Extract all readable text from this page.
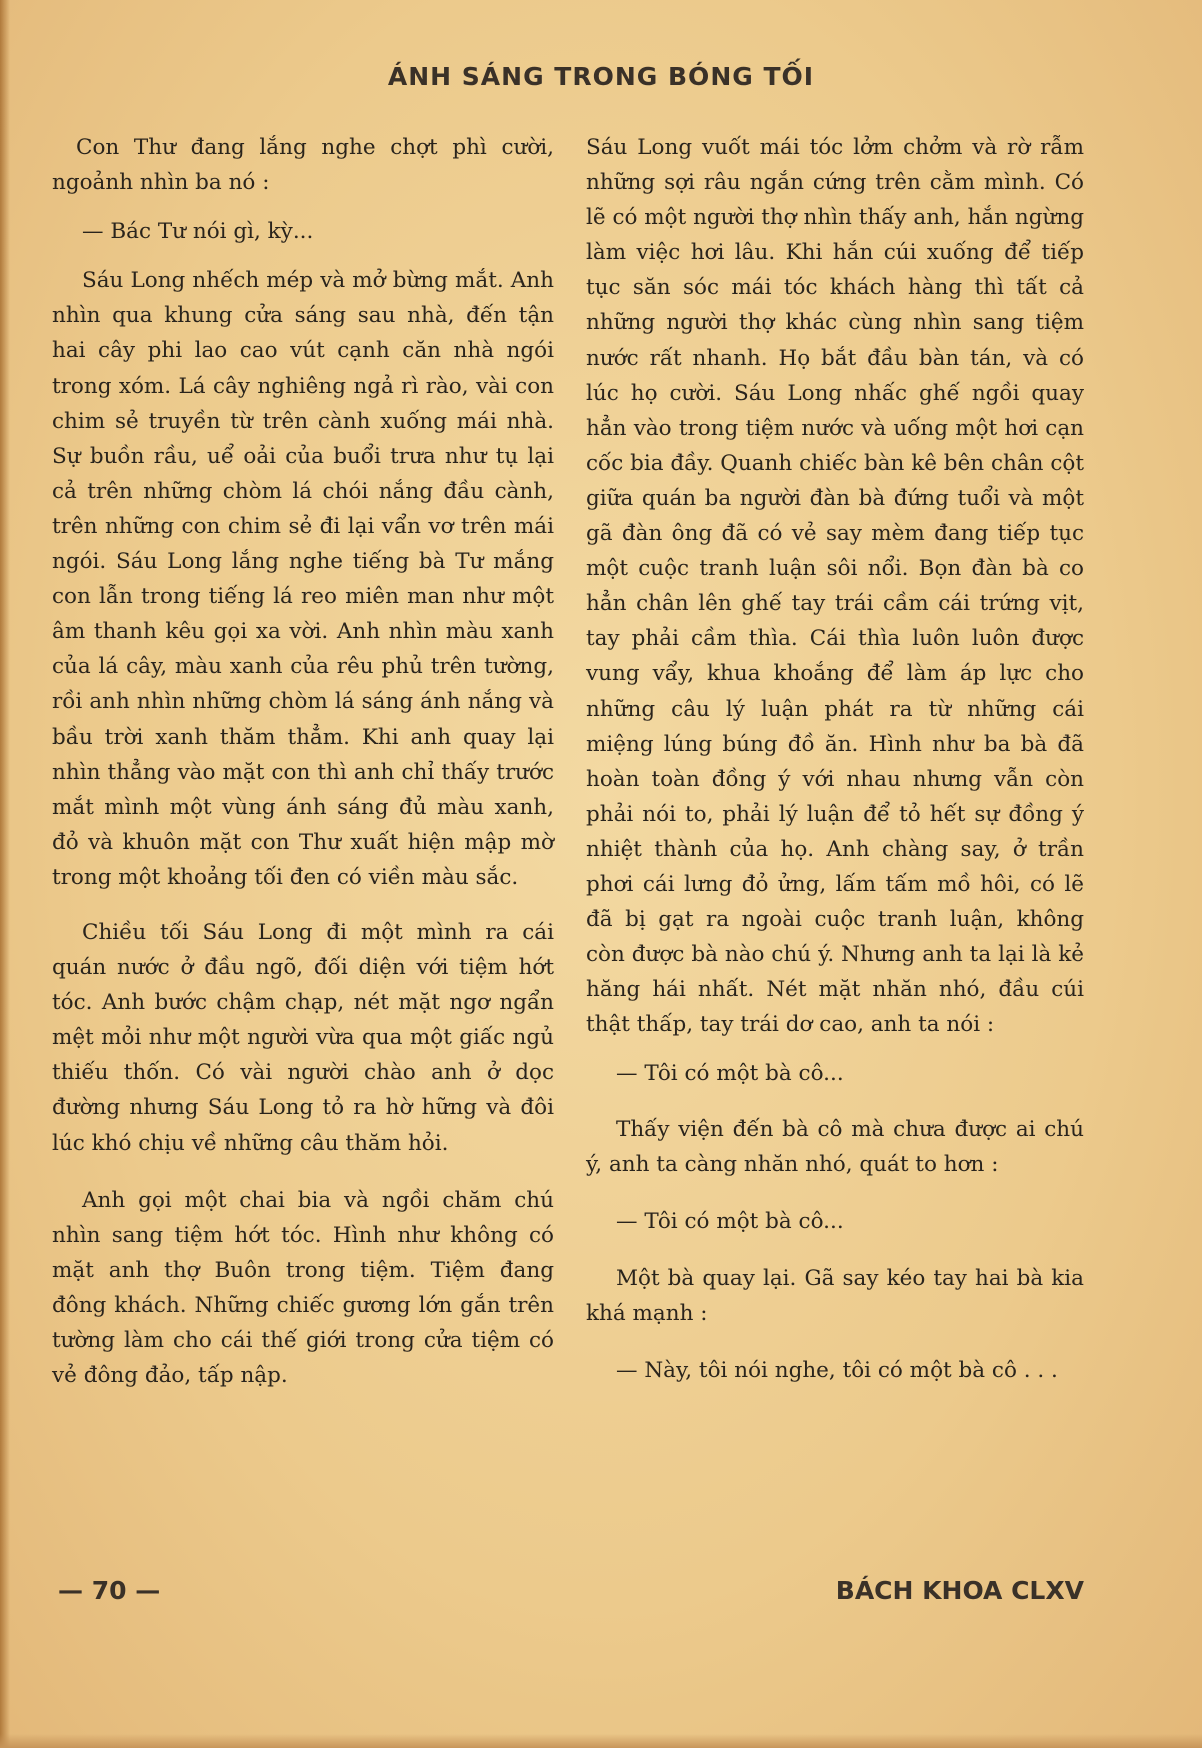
ÁNH SÁNG TRONG BÓNG TỐI

Con Thư đang lắng nghe chợt phì cười, ngoảnh nhìn ba nó :

— Bác Tư nói gì, kỳ...

Sáu Long nhếch mép và mở bừng mắt. Anh nhìn qua khung cửa sáng sau nhà, đến tận hai cây phi lao cao vút cạnh căn nhà ngói trong xóm. Lá cây nghiêng ngả rì rào, vài con chim sẻ truyền từ trên cành xuống mái nhà. Sự buồn rầu, uể oải của buổi trưa như tụ lại cả trên những chòm lá chói nắng đầu cành, trên những con chim sẻ đi lại vẩn vơ trên mái ngói. Sáu Long lắng nghe tiếng bà Tư mắng con lẫn trong tiếng lá reo miên man như một âm thanh kêu gọi xa vời. Anh nhìn màu xanh của lá cây, màu xanh của rêu phủ trên tường, rồi anh nhìn những chòm lá sáng ánh nắng và bầu trời xanh thăm thẳm. Khi anh quay lại nhìn thẳng vào mặt con thì anh chỉ thấy trước mắt mình một vùng ánh sáng đủ màu xanh, đỏ và khuôn mặt con Thư xuất hiện mập mờ trong một khoảng tối đen có viền màu sắc.

Chiều tối Sáu Long đi một mình ra cái quán nước ở đầu ngõ, đối diện với tiệm hớt tóc. Anh bước chậm chạp, nét mặt ngơ ngẩn mệt mỏi như một người vừa qua một giấc ngủ thiếu thốn. Có vài người chào anh ở dọc đường nhưng Sáu Long tỏ ra hờ hững và đôi lúc khó chịu về những câu thăm hỏi.

Anh gọi một chai bia và ngồi chăm chú nhìn sang tiệm hớt tóc. Hình như không có mặt anh thợ Buôn trong tiệm. Tiệm đang đông khách. Những chiếc gương lớn gắn trên tường làm cho cái thế giới trong cửa tiệm có vẻ đông đảo, tấp nập.

Sáu Long vuốt mái tóc lởm chởm và rờ rẫm những sợi râu ngắn cứng trên cằm mình. Có lẽ có một người thợ nhìn thấy anh, hắn ngừng làm việc hơi lâu. Khi hắn cúi xuống để tiếp tục săn sóc mái tóc khách hàng thì tất cả những người thợ khác cùng nhìn sang tiệm nước rất nhanh. Họ bắt đầu bàn tán, và có lúc họ cười. Sáu Long nhấc ghế ngồi quay hẳn vào trong tiệm nước và uống một hơi cạn cốc bia đầy. Quanh chiếc bàn kê bên chân cột giữa quán ba người đàn bà đứng tuổi và một gã đàn ông đã có vẻ say mèm đang tiếp tục một cuộc tranh luận sôi nổi. Bọn đàn bà co hẳn chân lên ghế tay trái cầm cái trứng vịt, tay phải cầm thìa. Cái thìa luôn luôn được vung vẩy, khua khoắng để làm áp lực cho những câu lý luận phát ra từ những cái miệng lúng búng đồ ăn. Hình như ba bà đã hoàn toàn đồng ý với nhau nhưng vẫn còn phải nói to, phải lý luận để tỏ hết sự đồng ý nhiệt thành của họ. Anh chàng say, ở trần phơi cái lưng đỏ ửng, lấm tấm mồ hôi, có lẽ đã bị gạt ra ngoài cuộc tranh luận, không còn được bà nào chú ý. Nhưng anh ta lại là kẻ hăng hái nhất. Nét mặt nhăn nhó, đầu cúi thật thấp, tay trái dơ cao, anh ta nói :

— Tôi có một bà cô...

Thấy viện đến bà cô mà chưa được ai chú ý, anh ta càng nhăn nhó, quát to hơn :

— Tôi có một bà cô...

Một bà quay lại. Gã say kéo tay hai bà kia khá mạnh :

— Này, tôi nói nghe, tôi có một bà cô . . .

— 70 —	BÁCH KHOA CLXV
